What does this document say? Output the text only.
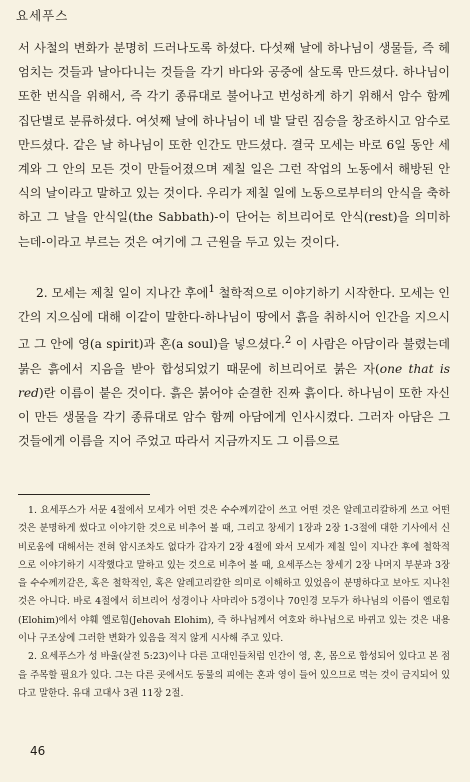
요세푸스

서 사철의 변화가 분명히 드러나도록 하셨다. 다섯째 날에 하나님이 생물들, 즉 헤엄치는 것들과 날아다니는 것들을 각기 바다와 공중에 살도록 만드셨다. 하나님이 또한 번식을 위해서, 즉 각기 종류대로 불어나고 번성하게 하기 위해서 암수 함께 집단별로 분류하셨다. 여섯째 날에 하나님이 네 발 달린 짐승을 창조하시고 암수로 만드셨다. 같은 날 하나님이 또한 인간도 만드셨다. 결국 모세는 바로 6일 동안 세계와 그 안의 모든 것이 만들어졌으며 제칠 일은 그런 작업의 노동에서 해방된 안식의 날이라고 말하고 있는 것이다. 우리가 제칠 일에 노동으로부터의 안식을 축하하고 그 날을 안식일(the Sabbath)-이 단어는 히브리어로 안식(rest)을 의미하는데-이라고 부르는 것은 여기에 그 근원을 두고 있는 것이다.

2. 모세는 제칠 일이 지나간 후에$^1$ 철학적으로 이야기하기 시작한다. 모세는 인간의 지으심에 대해 이같이 말한다-하나님이 땅에서 흙을 취하시어 인간을 지으시고 그 안에 영(a spirit)과 혼(a soul)을 넣으셨다.$^2$ 이 사람은 아담이라 불렸는데 붉은 흙에서 지음을 받아 합성되었기 때문에 히브리어로 붉은 자(one that is red)란 이름이 붙은 것이다. 흙은 붉어야 순결한 진짜 흙이다. 하나님이 또한 자신이 만든 생물을 각기 종류대로 암수 함께 아담에게 인사시켰다. 그러자 아담은 그것들에게 이름을 지어 주었고 따라서 지금까지도 그 이름으로

1. 요세푸스가 서문 4절에서 모세가 어떤 것은 수수께끼같이 쓰고 어떤 것은 알레고리칼하게 쓰고 어떤 것은 분명하게 썼다고 이야기한 것으로 비추어 볼 때, 그리고 창세기 1장과 2장 1-3절에 대한 기사에서 신비로움에 대해서는 전혀 암시조차도 없다가 갑자기 2장 4절에 와서 모세가 제칠 일이 지나간 후에 철학적으로 이야기하기 시작했다고 말하고 있는 것으로 비추어 볼 때, 요세푸스는 창세기 2장 나머지 부분과 3장을 수수께끼같은, 혹은 철학적인, 혹은 알레고리칼한 의미로 이해하고 있었음이 분명하다고 보아도 지나친 것은 아니다. 바로 4절에서 히브리어 성경이나 사마리아 5경이나 70인경 모두가 하나님의 이름이 엘로힘(Elohim)에서 야훼 엘로힘(Jehovah Elohim), 즉 하나님께서 여호와 하나님으로 바뀌고 있는 것은 내용이나 구조상에 그러한 변화가 있음을 적지 않게 시사해 주고 있다.

2. 요세푸스가 성 바울(살전 5:23)이나 다른 고대인들처럼 인간이 영, 혼, 몸으로 합성되어 있다고 본 점을 주목할 필요가 있다. 그는 다른 곳에서도 동물의 피에는 혼과 영이 들어 있으므로 먹는 것이 금지되어 있다고 말한다. 유대 고대사 3권 11장 2절.

46
